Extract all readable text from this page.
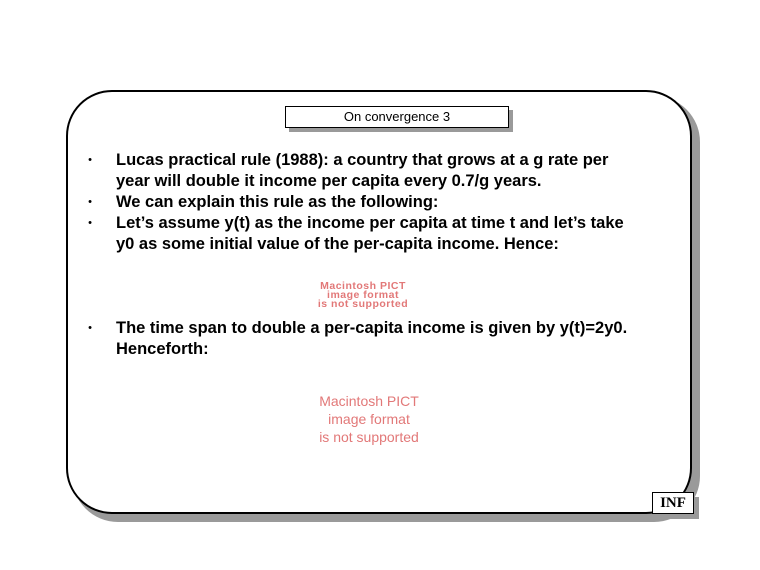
On convergence 3
• Lucas practical rule (1988): a country that grows at a g rate per year will double it income per capita every 0.7/g years.
• We can explain this rule as the following:
• Let’s assume y(t) as the income per capita at time t and let’s take y0 as some initial value of the per-capita income. Hence:
• The time span to double a per-capita income is given by y(t)=2y0. Henceforth:
Macintosh PICT
image format
is not supported
Macintosh PICT
image format
is not supported
INF
